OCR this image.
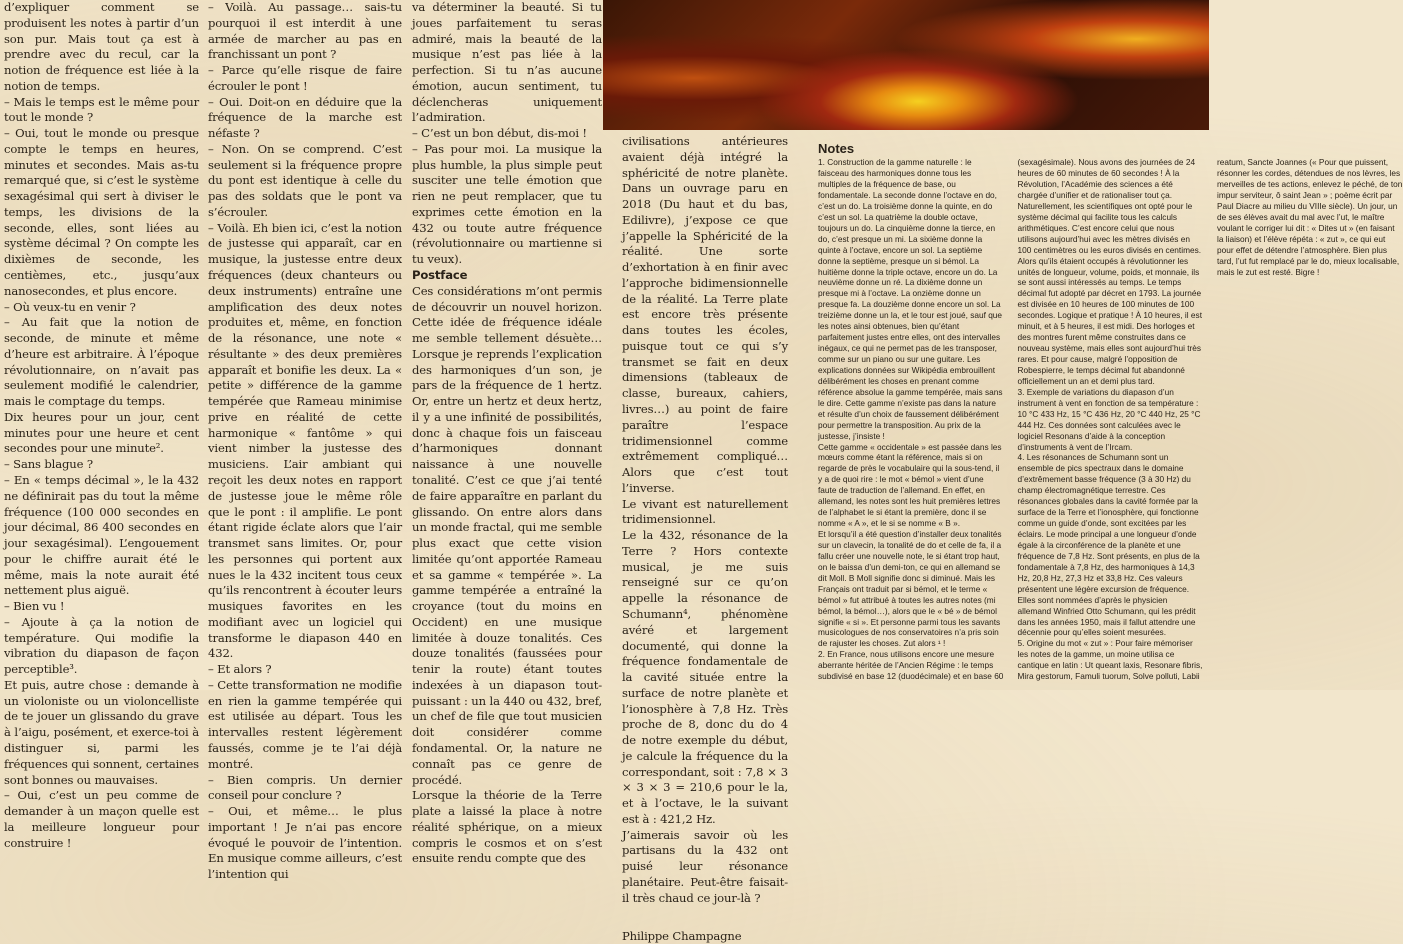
d’expliquer comment se produisent les notes à partir d’un son pur. Mais tout ça est à prendre avec du recul, car la notion de fréquence est liée à la notion de temps.

– Mais le temps est le même pour tout le monde ?

– Oui, tout le monde ou presque compte le temps en heures, minutes et secondes. Mais as-tu remarqué que, si c’est le système sexagésimal qui sert à diviser le temps, les divisions de la seconde, elles, sont liées au système décimal ? On compte les dixièmes de seconde, les centièmes, etc., jusqu’aux nanosecondes, et plus encore.

– Où veux-tu en venir ?

– Au fait que la notion de seconde, de minute et même d’heure est arbitraire. À l’époque révolutionnaire, on n’avait pas seulement modifié le calendrier, mais le comptage du temps.

Dix heures pour un jour, cent minutes pour une heure et cent secondes pour une minute².

– Sans blague ?

– En « temps décimal », le la 432 ne définirait pas du tout la même fréquence (100 000 secondes en jour décimal, 86 400 secondes en jour sexagésimal). L’engouement pour le chiffre aurait été le même, mais la note aurait été nettement plus aiguë.

– Bien vu !

– Ajoute à ça la notion de température. Qui modifie la vibration du diapason de façon perceptible³.

Et puis, autre chose : demande à un violoniste ou un violoncelliste de te jouer un glissando du grave à l’aigu, posément, et exerce-toi à distinguer si, parmi les fréquences qui sonnent, certaines sont bonnes ou mauvaises.

– Oui, c’est un peu comme de demander à un maçon quelle est la meilleure longueur pour construire !

– Voilà. Au passage… sais-tu pourquoi il est interdit à une armée de marcher au pas en franchissant un pont ?

– Parce qu’elle risque de faire écrouler le pont !

– Oui. Doit-on en déduire que la fréquence de la marche est néfaste ?

– Non. On se comprend. C’est seulement si la fréquence propre du pont est identique à celle du pas des soldats que le pont va s’écrouler.

– Voilà. Eh bien ici, c’est la notion de justesse qui apparaît, car en musique, la justesse entre deux fréquences (deux chanteurs ou deux instruments) entraîne une amplification des deux notes produites et, même, en fonction de la résonance, une note « résultante » des deux premières apparaît et bonifie les deux. La « petite » différence de la gamme tempérée que Rameau minimise prive en réalité de cette harmonique « fantôme » qui vient nimber la justesse des musiciens. L’air ambiant qui reçoit les deux notes en rapport de justesse joue le même rôle que le pont : il amplifie. Le pont étant rigide éclate alors que l’air transmet sans limites. Or, pour les personnes qui portent aux nues le la 432 incitent tous ceux qu’ils rencontrent à écouter leurs musiques favorites en les modifiant avec un logiciel qui transforme le diapason 440 en 432.

– Et alors ?

– Cette transformation ne modifie en rien la gamme tempérée qui est utilisée au départ. Tous les intervalles restent légèrement faussés, comme je te l’ai déjà montré.

– Bien compris. Un dernier conseil pour conclure ?

– Oui, et même… le plus important ! Je n’ai pas encore évoqué le pouvoir de l’intention. En musique comme ailleurs, c’est l’intention qui

va déterminer la beauté. Si tu joues parfaitement tu seras admiré, mais la beauté de la musique n’est pas liée à la perfection. Si tu n’as aucune émotion, aucun sentiment, tu déclencheras uniquement l’admiration.

– C’est un bon début, dis-moi !

– Pas pour moi. La musique la plus humble, la plus simple peut susciter une telle émotion que rien ne peut remplacer, que tu exprimes cette émotion en la 432 ou toute autre fréquence (révolutionnaire ou martienne si tu veux).

Postface

Ces considérations m’ont permis de découvrir un nouvel horizon. Cette idée de fréquence idéale me semble tellement désuète… Lorsque je reprends l’explication des harmoniques d’un son, je pars de la fréquence de 1 hertz. Or, entre un hertz et deux hertz, il y a une infinité de possibilités, donc à chaque fois un faisceau d’harmoniques donnant naissance à une nouvelle tonalité. C’est ce que j’ai tenté de faire apparaître en parlant du glissando. On entre alors dans un monde fractal, qui me semble plus exact que cette vision limitée qu’ont apportée Rameau et sa gamme « tempérée ». La gamme tempérée a entraîné la croyance (tout du moins en Occident) en une musique limitée à douze tonalités. Ces douze tonalités (faussées pour tenir la route) étant toutes indexées à un diapason tout-puissant : un la 440 ou 432, bref, un chef de file que tout musicien doit considérer comme fondamental. Or, la nature ne connaît pas ce genre de procédé.

Lorsque la théorie de la Terre plate a laissé la place à notre réalité sphérique, on a mieux compris le cosmos et on s’est ensuite rendu compte que des

civilisations antérieures avaient déjà intégré la sphéricité de notre planète. Dans un ouvrage paru en 2018 (Du haut et du bas, Edilivre), j’expose ce que j’appelle la Sphéricité de la réalité. Une sorte d’exhortation à en finir avec l’approche bidimensionnelle de la réalité. La Terre plate est encore très présente dans toutes les écoles, puisque tout ce qui s’y transmet se fait en deux dimensions (tableaux de classe, bureaux, cahiers, livres…) au point de faire paraître l’espace tridimensionnel comme extrêmement compliqué… Alors que c’est tout l’inverse.

Le vivant est naturellement tridimensionnel.

Le la 432, résonance de la Terre ? Hors contexte musical, je me suis renseigné sur ce qu’on appelle la résonance de Schumann⁴, phénomène avéré et largement documenté, qui donne la fréquence fondamentale de la cavité située entre la surface de notre planète et l’ionosphère à 7,8 Hz. Très proche de 8, donc du do 4 de notre exemple du début, je calcule la fréquence du la correspondant, soit : 7,8 × 3 × 3 × 3 = 210,6 pour le la, et à l’octave, le la suivant est à : 421,2 Hz.

J’aimerais savoir où les partisans du la 432 ont puisé leur résonance planétaire. Peut-être faisait-il très chaud ce jour-là ?

Philippe Champagne

Notes

1. Construction de la gamme naturelle : le faisceau des harmoniques donne tous les multiples de la fréquence de base, ou fondamentale. La seconde donne l’octave en do, c’est un do. La troisième donne la quinte, en do c’est un sol. La quatrième la double octave, toujours un do. La cinquième donne la tierce, en do, c’est presque un mi. La sixième donne la quinte à l’octave, encore un sol. La septième donne la septième, presque un si bémol. La huitième donne la triple octave, encore un do. La neuvième donne un ré. La dixième donne un presque mi à l’octave. La onzième donne un presque fa. La douzième donne encore un sol. La treizième donne un la, et le tour est joué, sauf que les notes ainsi obtenues, bien qu’étant parfaitement justes entre elles, ont des intervalles inégaux, ce qui ne permet pas de les transposer, comme sur un piano ou sur une guitare. Les explications données sur Wikipédia embrouillent délibérément les choses en prenant comme référence absolue la gamme tempérée, mais sans le dire. Cette gamme n’existe pas dans la nature et résulte d’un choix de faussement délibérément pour permettre la transposition. Au prix de la justesse, j’insiste !

Cette gamme « occidentale » est passée dans les mœurs comme étant la référence, mais si on regarde de près le vocabulaire qui la sous-tend, il y a de quoi rire : le mot « bémol » vient d’une faute de traduction de l’allemand. En effet, en allemand, les notes sont les huit premières lettres de l’alphabet le si étant la première, donc il se nomme « A », et le si se nomme « B ».

Et lorsqu’il a été question d’installer deux tonalités sur un clavecin, la tonalité de do et celle de fa, il a fallu créer une nouvelle note, le si étant trop haut, on le baissa d’un demi-ton, ce qui en allemand se dit Moll. B Moll signifie donc si diminué. Mais les Français ont traduit par si bémol, et le terme « bémol » fut attribué à toutes les autres notes (mi bémol, la bémol…), alors que le « bé » de bémol signifie « si ». Et personne parmi tous les savants musicologues de nos conservatoires n’a pris soin de rajuster les choses. Zut alors ¹ !

2. En France, nous utilisons encore une mesure aberrante héritée de l’Ancien Régime : le temps subdivisé en base 12 (duodécimale) et en base 60 (sexagésimale). Nous avons des journées de 24 heures de 60 minutes de 60 secondes ! À la Révolution, l’Académie des sciences a été chargée d’unifier et de rationaliser tout ça. Naturellement, les scientifiques ont opté pour le système décimal qui facilite tous les calculs arithmétiques. C’est encore celui que nous utilisons aujourd’hui avec les mètres divisés en 100 centimètres ou les euros divisés en centimes. Alors qu’ils étaient occupés à révolutionner les unités de longueur, volume, poids, et monnaie, ils se sont aussi intéressés au temps. Le temps décimal fut adopté par décret en 1793. La journée est divisée en 10 heures de 100 minutes de 100 secondes. Logique et pratique ! À 10 heures, il est minuit, et à 5 heures, il est midi. Des horloges et des montres furent même construites dans ce nouveau système, mais elles sont aujourd’hui très rares. Et pour cause, malgré l’opposition de Robespierre, le temps décimal fut abandonné officiellement un an et demi plus tard.

3. Exemple de variations du diapason d’un instrument à vent en fonction de sa température : 10 °C 433 Hz, 15 °C 436 Hz, 20 °C 440 Hz, 25 °C 444 Hz. Ces données sont calculées avec le logiciel Resonans d’aide à la conception d’instruments à vent de l’Ircam.

4. Les résonances de Schumann sont un ensemble de pics spectraux dans le domaine d’extrêmement basse fréquence (3 à 30 Hz) du champ électromagnétique terrestre. Ces résonances globales dans la cavité formée par la surface de la Terre et l’ionosphère, qui fonctionne comme un guide d’onde, sont excitées par les éclairs. Le mode principal a une longueur d’onde égale à la circonférence de la planète et une fréquence de 7,8 Hz. Sont présents, en plus de la fondamentale à 7,8 Hz, des harmoniques à 14,3 Hz, 20,8 Hz, 27,3 Hz et 33,8 Hz. Ces valeurs présentent une légère excursion de fréquence. Elles sont nommées d’après le physicien allemand Winfried Otto Schumann, qui les prédit dans les années 1950, mais il fallut attendre une décennie pour qu’elles soient mesurées.

5. Origine du mot « zut » : Pour faire mémoriser les notes de la gamme, un moine utilisa ce cantique en latin : Ut queant laxis, Resonare fibris, Mira gestorum, Famuli tuorum, Solve polluti, Labii reatum, Sancte Joannes (« Pour que puissent, résonner les cordes, détendues de nos lèvres, les merveilles de tes actions, enlevez le péché, de ton impur serviteur, ô saint Jean » ; poème écrit par Paul Diacre au milieu du VIIIe siècle). Un jour, un de ses élèves avait du mal avec l’ut, le maître voulant le corriger lui dit : « Dites ut » (en faisant la liaison) et l’élève répéta : « zut », ce qui eut pour effet de détendre l’atmosphère. Bien plus tard, l’ut fut remplacé par le do, mieux localisable, mais le zut est resté. Bigre !
